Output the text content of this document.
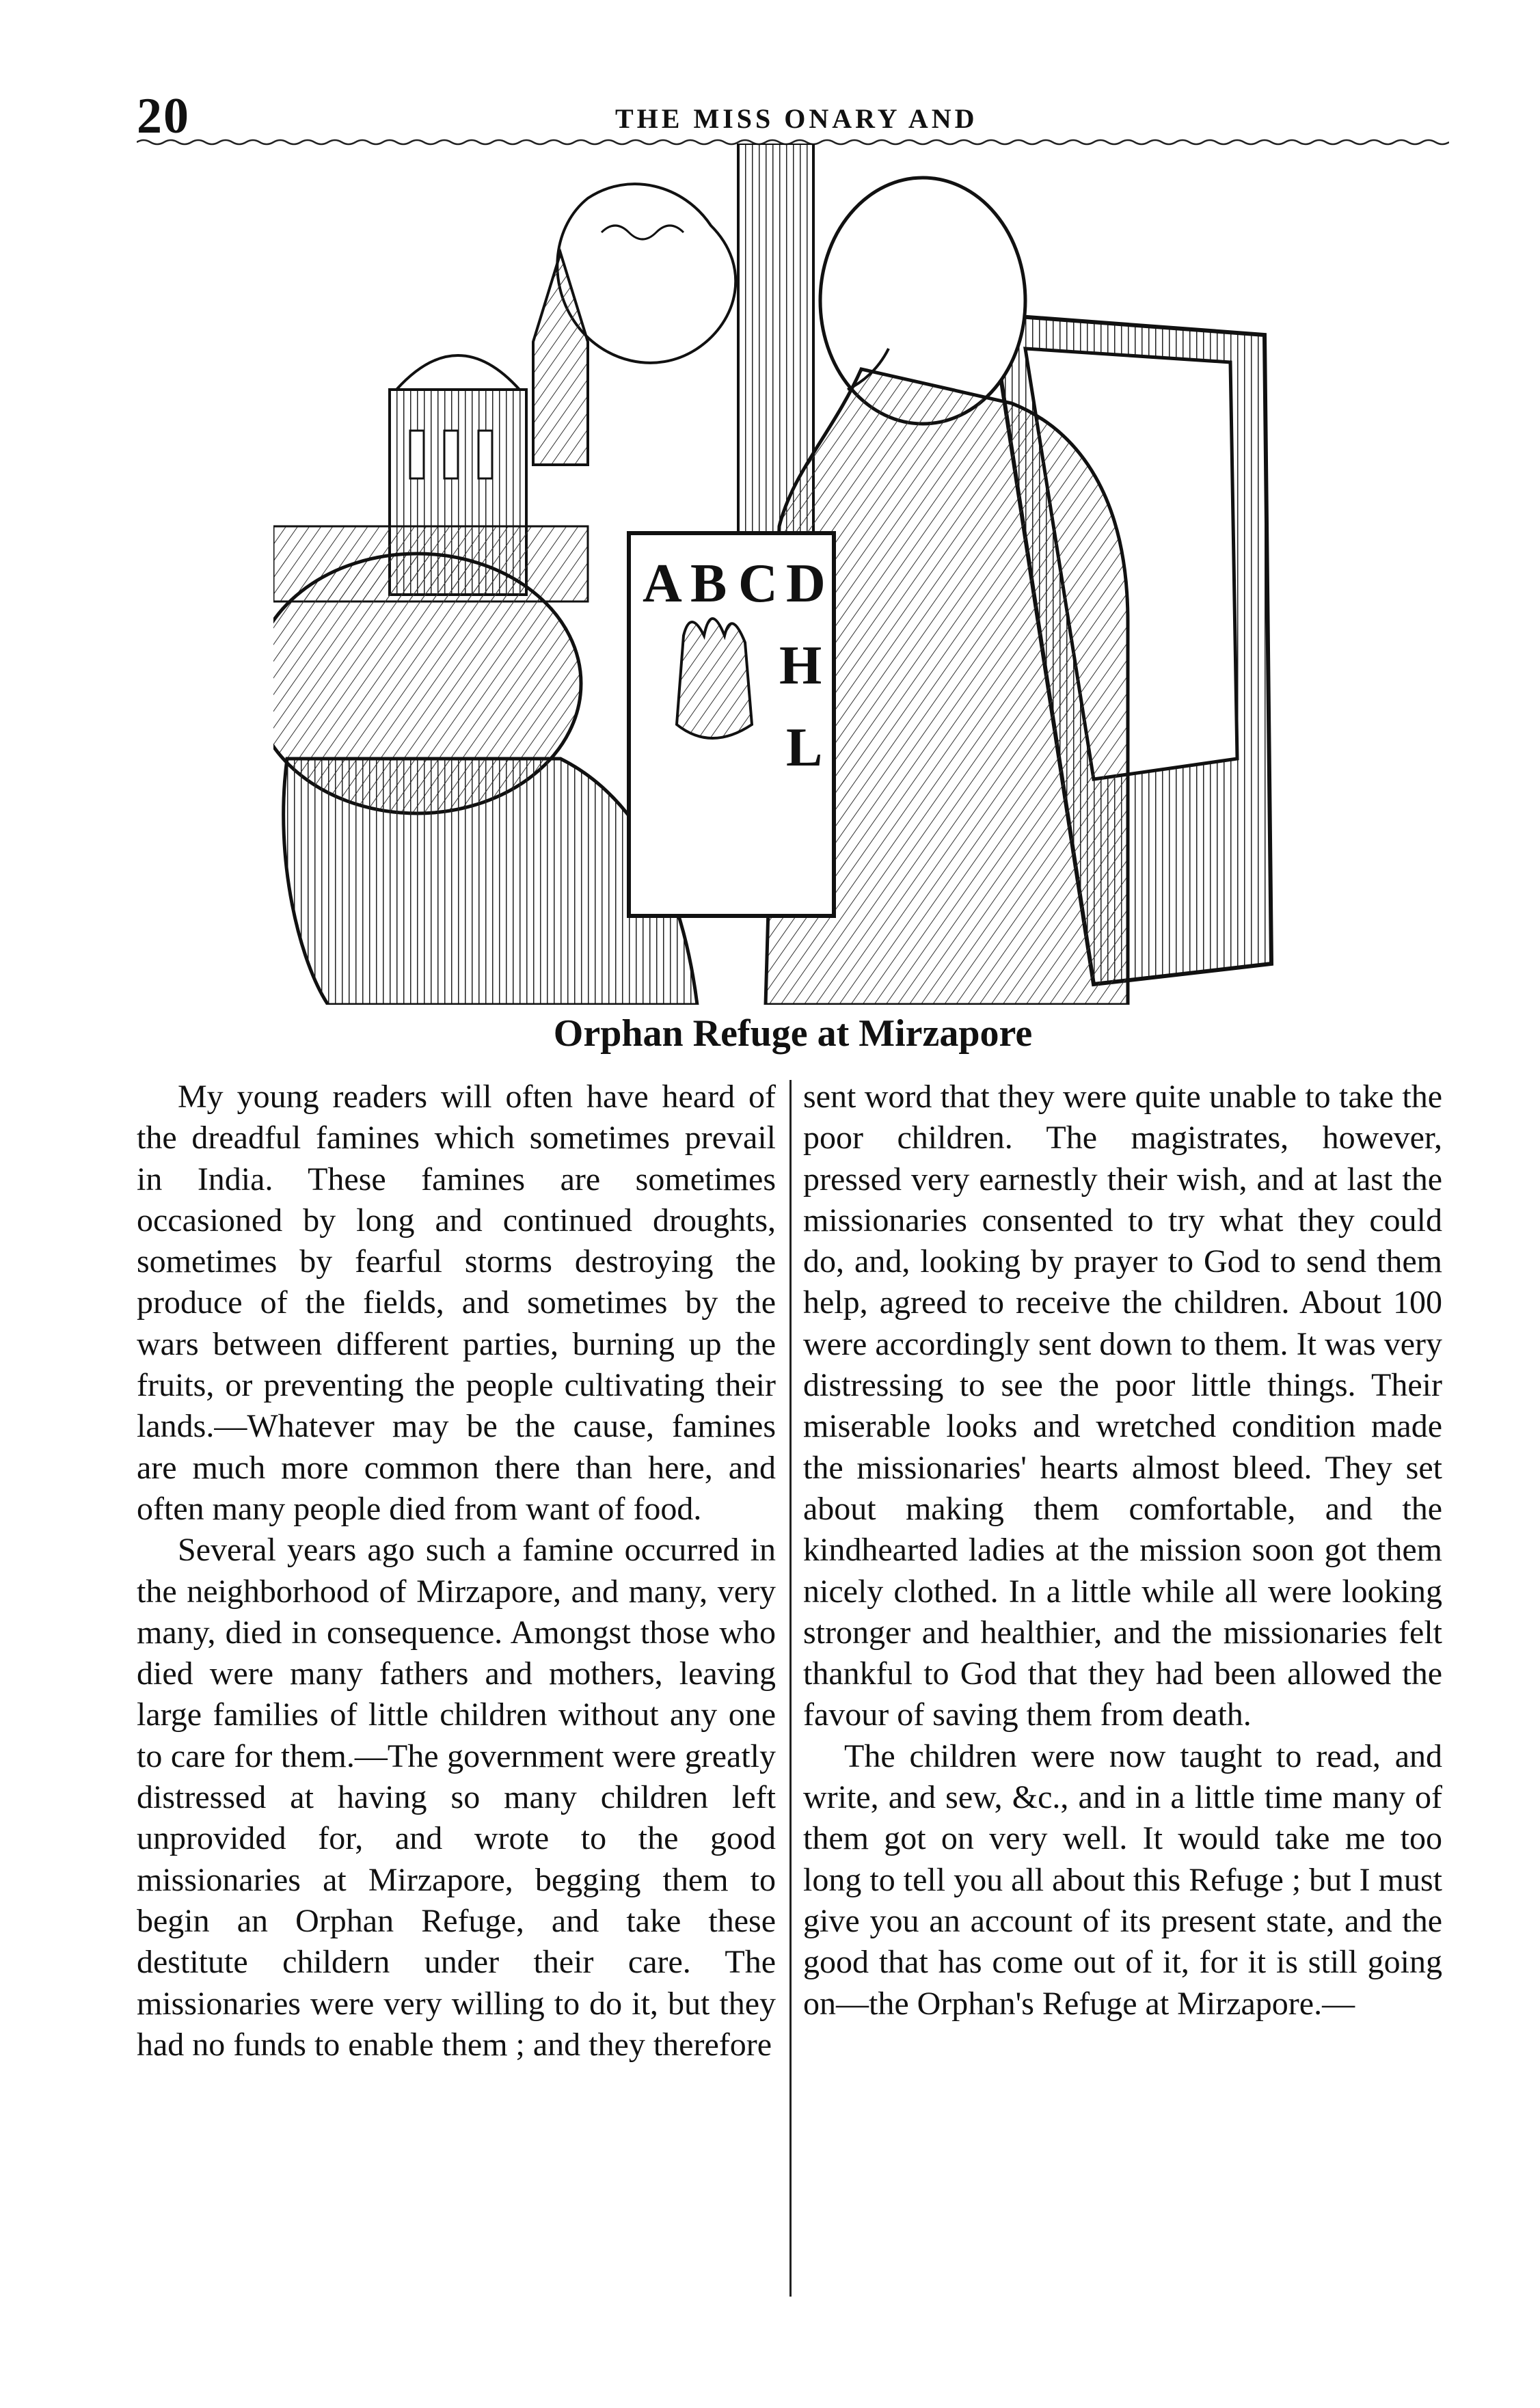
20	THE MISS ONARY AND
A B C D
H
L
Orphan Refuge at Mirzapore

My young readers will often have heard of the dreadful famines which sometimes prevail in India. These famines are sometimes occasioned by long and continued droughts, sometimes by fearful storms destroying the produce of the fields, and sometimes by the wars between different parties, burning up the fruits, or preventing the people cultivating their lands.—Whatever may be the cause, famines are much more common there than here, and often many people died from want of food.

Several years ago such a famine occurred in the neighborhood of Mirzapore, and many, very many, died in consequence. Amongst those who died were many fathers and mothers, leaving large families of little children without any one to care for them.—The government were greatly distressed at having so many children left unprovided for, and wrote to the good missionaries at Mirzapore, begging them to begin an Orphan Refuge, and take these destitute childern under their care. The missionaries were very willing to do it, but they had no funds to enable them ; and they therefore

sent word that they were quite unable to take the poor children. The magistrates, however, pressed very earnestly their wish, and at last the missionaries consented to try what they could do, and, looking by prayer to God to send them help, agreed to receive the children. About 100 were accordingly sent down to them. It was very distressing to see the poor little things. Their miserable looks and wretched condition made the missionaries' hearts almost bleed. They set about making them comfortable, and the kindhearted ladies at the mission soon got them nicely clothed. In a little while all were looking stronger and healthier, and the missionaries felt thankful to God that they had been allowed the favour of saving them from death.

The children were now taught to read, and write, and sew, &c., and in a little time many of them got on very well. It would take me too long to tell you all about this Refuge ; but I must give you an account of its present state, and the good that has come out of it, for it is still going on—the Orphan's Refuge at Mirzapore.—
